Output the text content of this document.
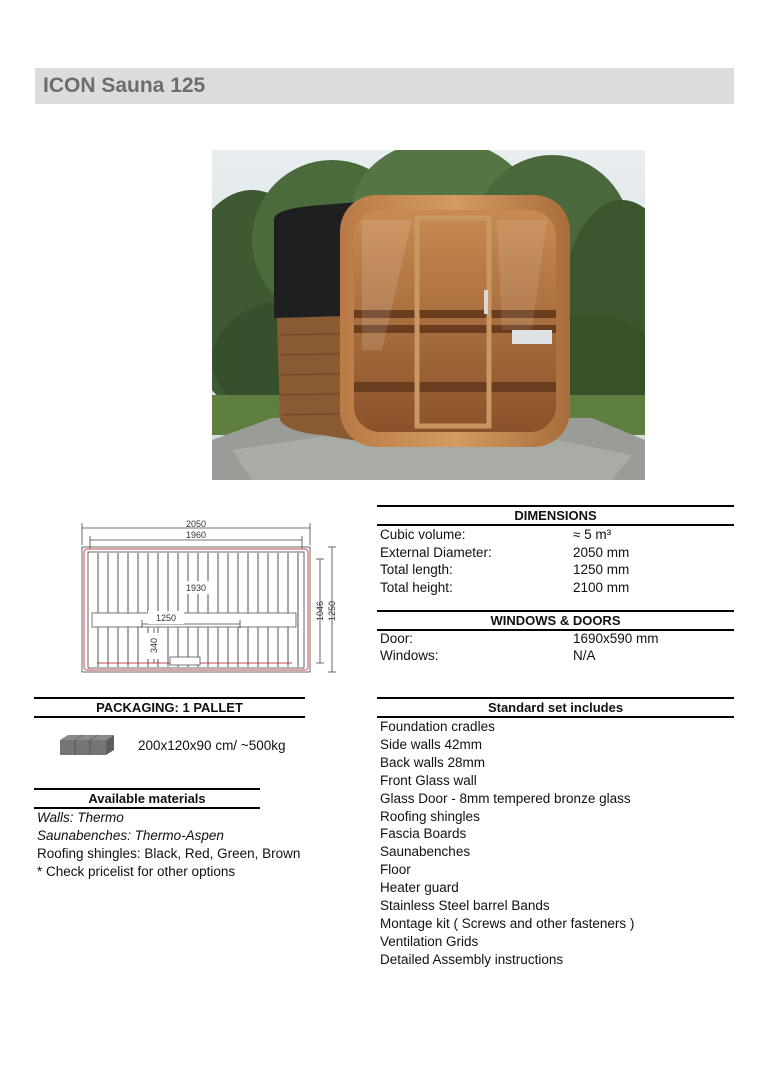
ICON Sauna 125
2050
1960
1930
1250
340
1046 1250
DIMENSIONS
Cubic volume:	≈ 5 m³
External Diameter:	2050 mm
Total length:	1250 mm
Total height:	2100 mm
WINDOWS & DOORS
Door:	1690x590 mm
Windows:	N/A
PACKAGING: 1 PALLET
200x120x90 cm/ ~500kg
Available materials
Walls: Thermo
Saunabenches: Thermo-Aspen
Roofing shingles: Black, Red, Green, Brown
* Check pricelist for other options
Standard set includes
Foundation cradles
Side walls 42mm
Back walls 28mm
Front Glass wall
Glass Door - 8mm tempered bronze glass
Roofing shingles
Fascia Boards
Saunabenches
Floor
Heater guard
Stainless Steel barrel Bands
Montage kit ( Screws and other fasteners )
Ventilation Grids
Detailed Assembly instructions
